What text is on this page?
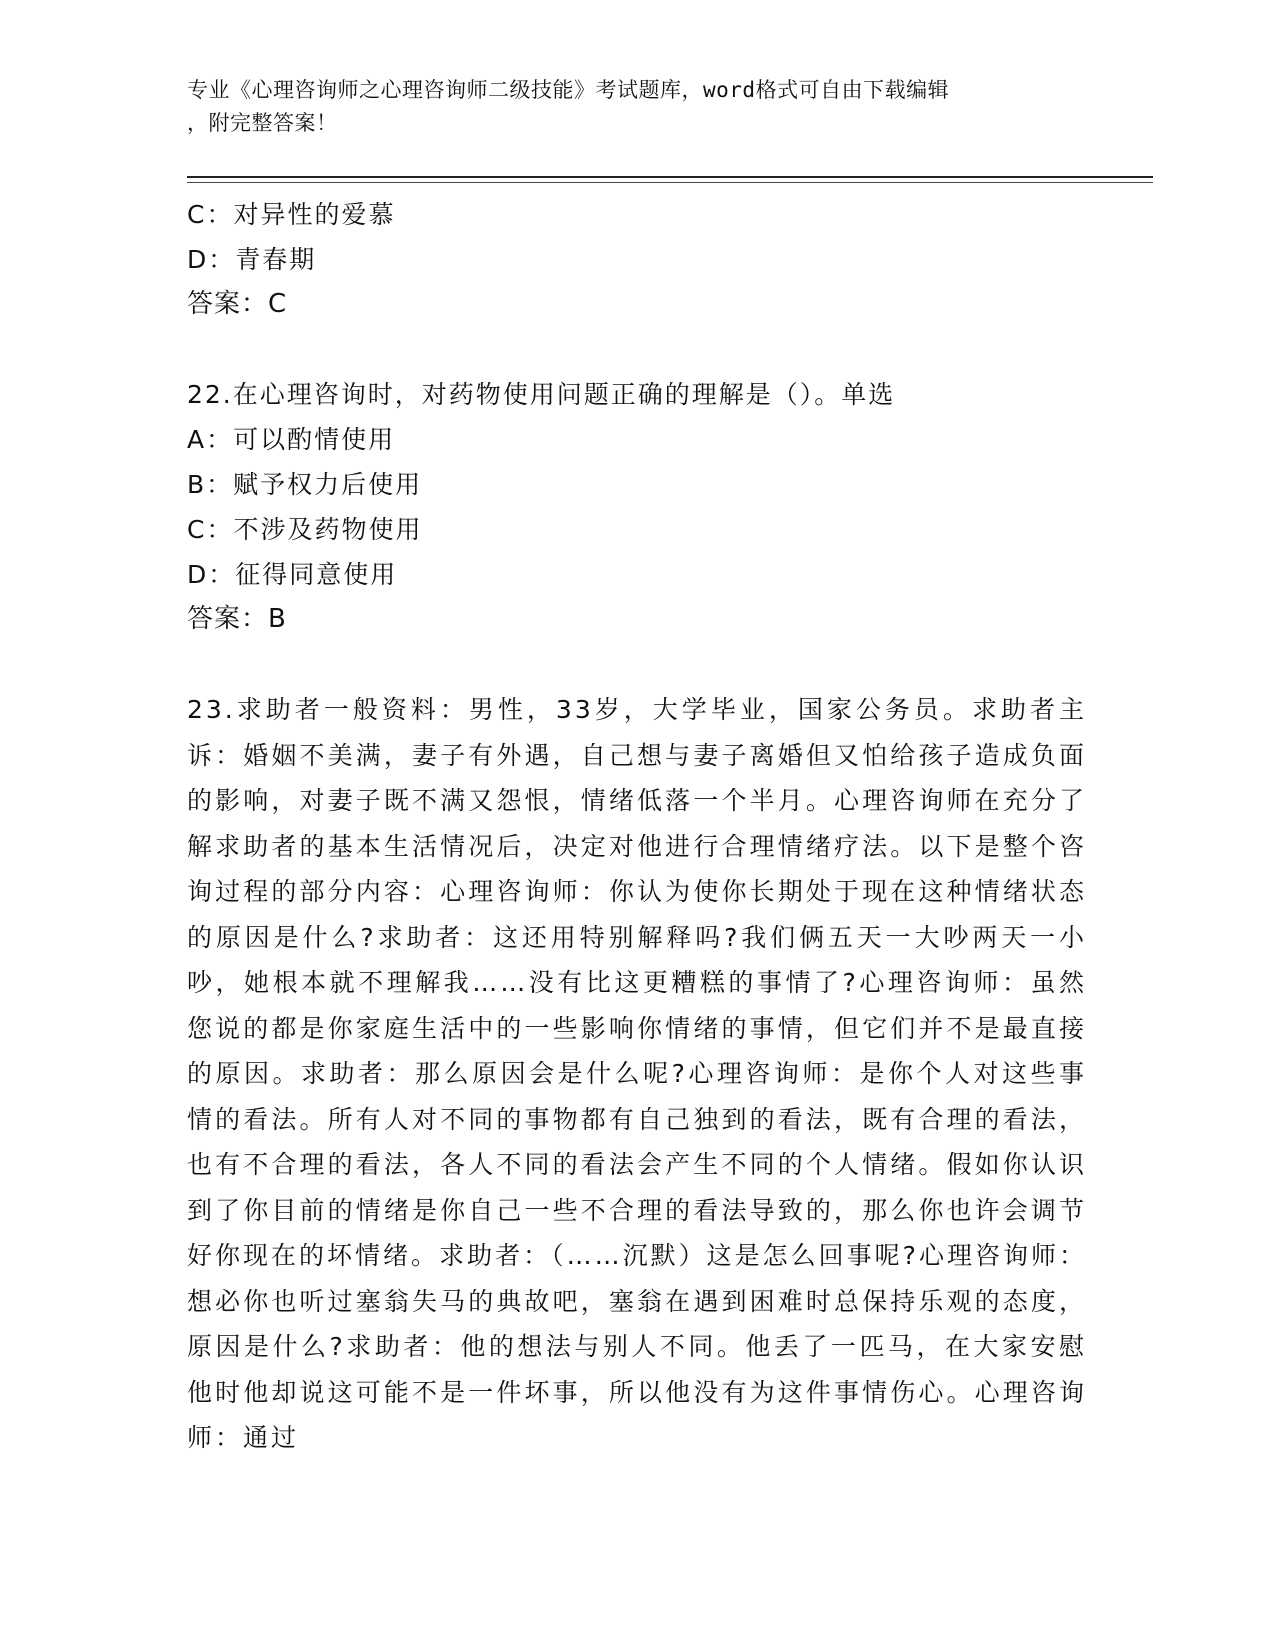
专业《心理咨询师之心理咨询师二级技能》考试题库，word格式可自由下载编辑
，附完整答案！
C：对异性的爱慕
D：青春期
答案：C
22.在心理咨询时，对药物使用问题正确的理解是（）。单选
A：可以酌情使用
B：赋予权力后使用
C：不涉及药物使用
D：征得同意使用
答案：B
23.求助者一般资料：男性，33岁，大学毕业，国家公务员。求助者主诉：婚姻不美满，妻子有外遇，自己想与妻子离婚但又怕给孩子造成负面的影响，对妻子既不满又怨恨，情绪低落一个半月。心理咨询师在充分了解求助者的基本生活情况后，决定对他进行合理情绪疗法。以下是整个咨询过程的部分内容：心理咨询师：你认为使你长期处于现在这种情绪状态的原因是什么?求助者：这还用特别解释吗?我们俩五天一大吵两天一小吵，她根本就不理解我……没有比这更糟糕的事情了?心理咨询师：虽然您说的都是你家庭生活中的一些影响你情绪的事情，但它们并不是最直接的原因。求助者：那么原因会是什么呢?心理咨询师：是你个人对这些事情的看法。所有人对不同的事物都有自己独到的看法，既有合理的看法，也有不合理的看法，各人不同的看法会产生不同的个人情绪。假如你认识到了你目前的情绪是你自己一些不合理的看法导致的，那么你也许会调节好你现在的坏情绪。求助者：（……沉默）这是怎么回事呢?心理咨询师：想必你也听过塞翁失马的典故吧，塞翁在遇到困难时总保持乐观的态度，原因是什么?求助者：他的想法与别人不同。他丢了一匹马，在大家安慰他时他却说这可能不是一件坏事，所以他没有为这件事情伤心。心理咨询师：通过
